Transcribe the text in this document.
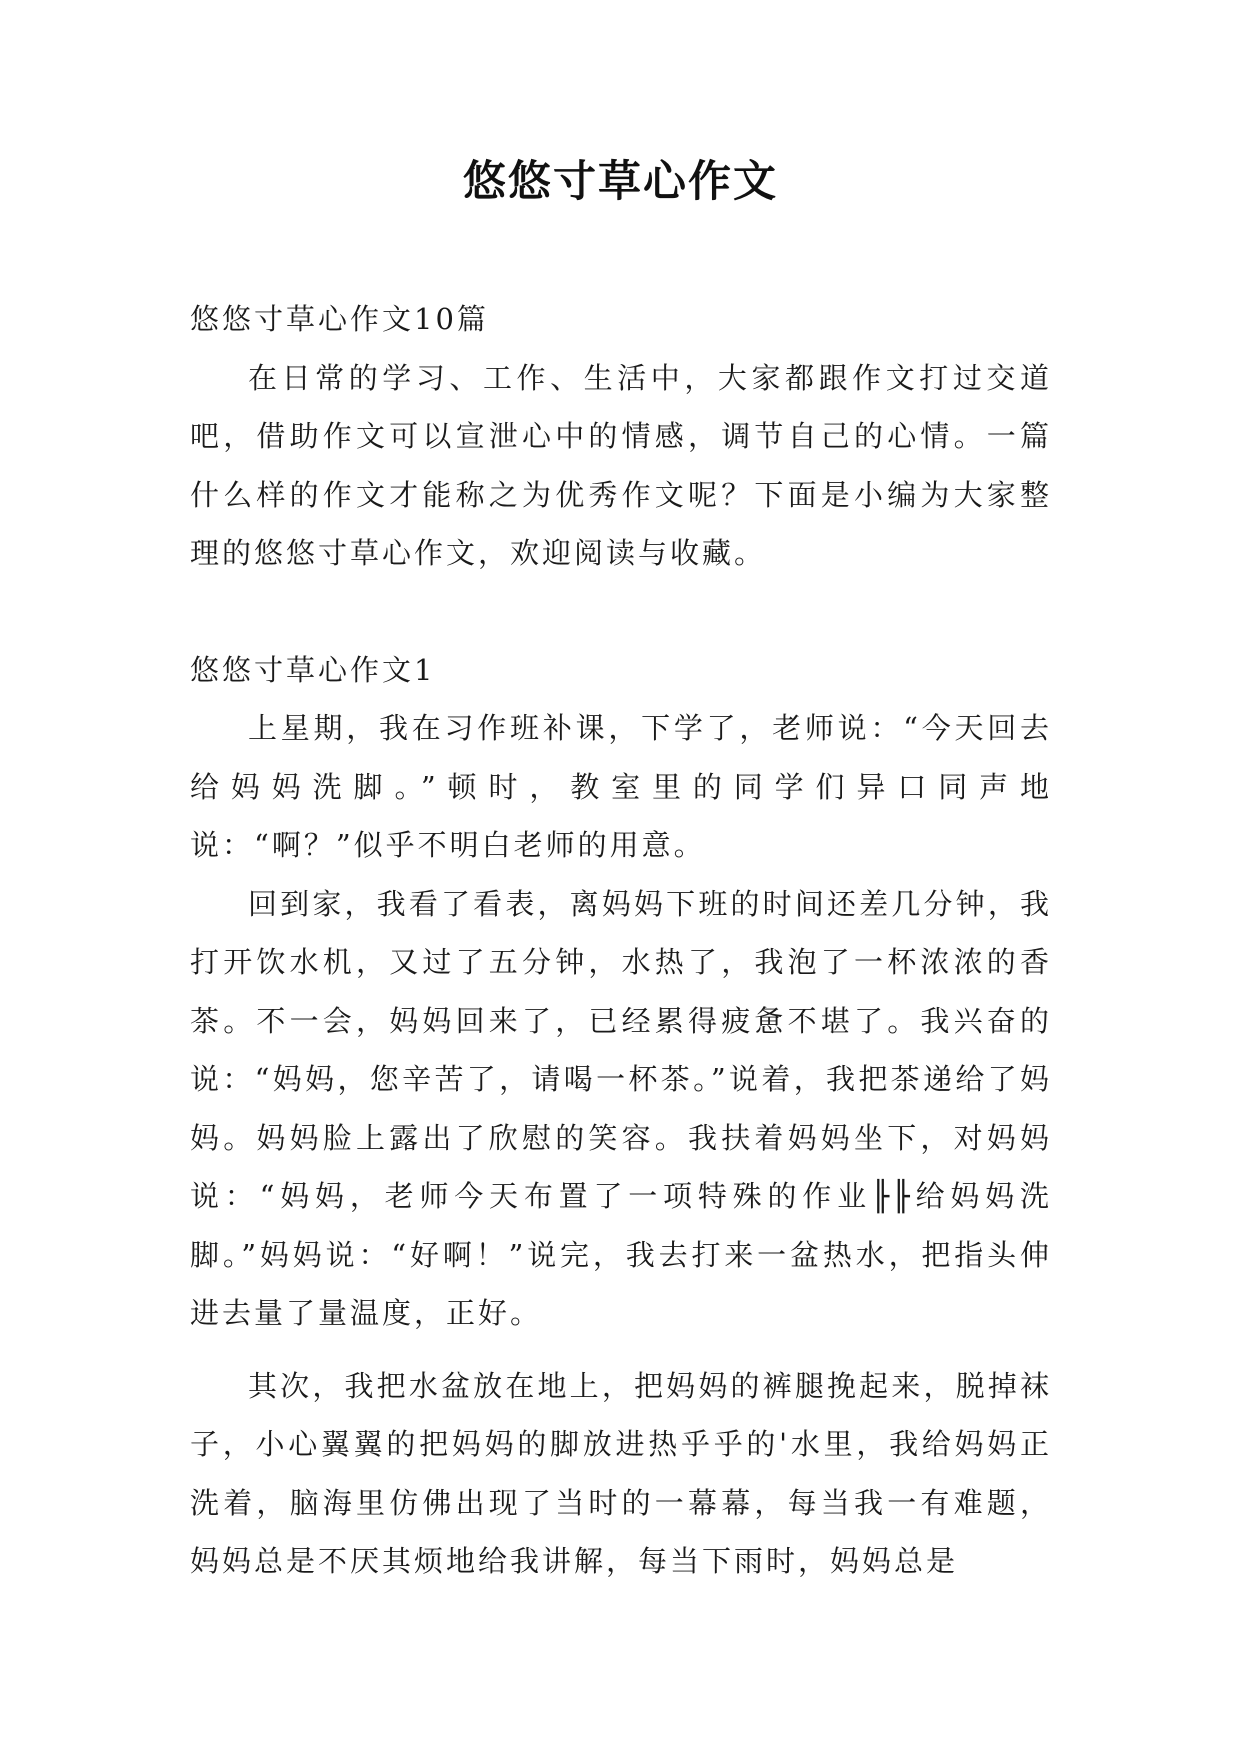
悠悠寸草心作文

悠悠寸草心作文10篇

在日常的学习、工作、生活中，大家都跟作文打过交道吧，借助作文可以宣泄心中的情感，调节自己的心情。一篇什么样的作文才能称之为优秀作文呢？下面是小编为大家整理的悠悠寸草心作文，欢迎阅读与收藏。

悠悠寸草心作文1

上星期，我在习作班补课，下学了，老师说：“今天回去给妈妈洗脚。”顿时，教室里的同学们异口同声地说：“啊？”似乎不明白老师的用意。

回到家，我看了看表，离妈妈下班的时间还差几分钟，我打开饮水机，又过了五分钟，水热了，我泡了一杯浓浓的香茶。不一会，妈妈回来了，已经累得疲惫不堪了。我兴奋的说：“妈妈，您辛苦了，请喝一杯茶。”说着，我把茶递给了妈妈。妈妈脸上露出了欣慰的笑容。我扶着妈妈坐下，对妈妈说：“妈妈，老师今天布置了一项特殊的作业╟╟给妈妈洗脚。”妈妈说：“好啊！”说完，我去打来一盆热水，把指头伸进去量了量温度，正好。

其次，我把水盆放在地上，把妈妈的裤腿挽起来，脱掉袜子，小心翼翼的把妈妈的脚放进热乎乎的'水里，我给妈妈正洗着，脑海里仿佛出现了当时的一幕幕，每当我一有难题，妈妈总是不厌其烦地给我讲解，每当下雨时，妈妈总是
